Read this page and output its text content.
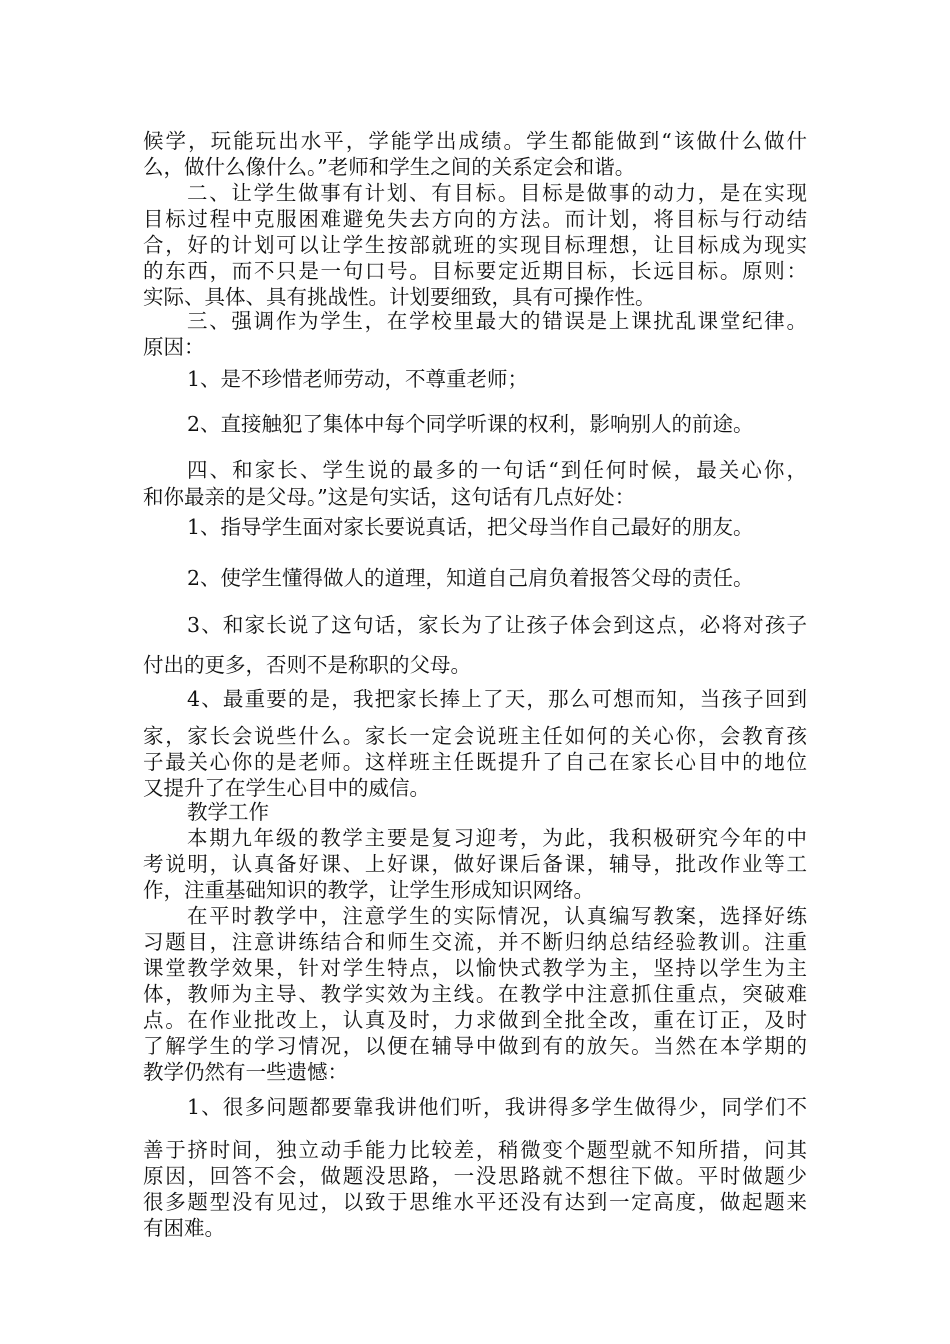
候学，玩能玩出水平，学能学出成绩。学生都能做到“该做什么做什
么，做什么像什么。”老师和学生之间的关系定会和谐。
二、让学生做事有计划、有目标。目标是做事的动力，是在实现
目标过程中克服困难避免失去方向的方法。而计划，将目标与行动结
合，好的计划可以让学生按部就班的实现目标理想，让目标成为现实
的东西，而不只是一句口号。目标要定近期目标，长远目标。原则：
实际、具体、具有挑战性。计划要细致，具有可操作性。
三、强调作为学生，在学校里最大的错误是上课扰乱课堂纪律。
原因：
1、是不珍惜老师劳动，不尊重老师；
2、直接触犯了集体中每个同学听课的权利，影响别人的前途。
四、和家长、学生说的最多的一句话“到任何时候，最关心你，
和你最亲的是父母。”这是句实话，这句话有几点好处：
1、指导学生面对家长要说真话，把父母当作自己最好的朋友。
2、使学生懂得做人的道理，知道自己肩负着报答父母的责任。
3、和家长说了这句话，家长为了让孩子体会到这点，必将对孩子
付出的更多，否则不是称职的父母。
4、最重要的是，我把家长捧上了天，那么可想而知，当孩子回到
家，家长会说些什么。家长一定会说班主任如何的关心你，会教育孩
子最关心你的是老师。这样班主任既提升了自己在家长心目中的地位
又提升了在学生心目中的威信。
教学工作
本期九年级的教学主要是复习迎考，为此，我积极研究今年的中
考说明，认真备好课、上好课，做好课后备课，辅导，批改作业等工
作，注重基础知识的教学，让学生形成知识网络。
在平时教学中，注意学生的实际情况，认真编写教案，选择好练
习题目，注意讲练结合和师生交流，并不断归纳总结经验教训。注重
课堂教学效果，针对学生特点，以愉快式教学为主，坚持以学生为主
体，教师为主导、教学实效为主线。在教学中注意抓住重点，突破难
点。在作业批改上，认真及时，力求做到全批全改，重在订正，及时
了解学生的学习情况，以便在辅导中做到有的放矢。当然在本学期的
教学仍然有一些遗憾：
1、很多问题都要靠我讲他们听，我讲得多学生做得少，同学们不
善于挤时间，独立动手能力比较差，稍微变个题型就不知所措，问其
原因，回答不会，做题没思路，一没思路就不想往下做。平时做题少
很多题型没有见过，以致于思维水平还没有达到一定高度，做起题来
有困难。
